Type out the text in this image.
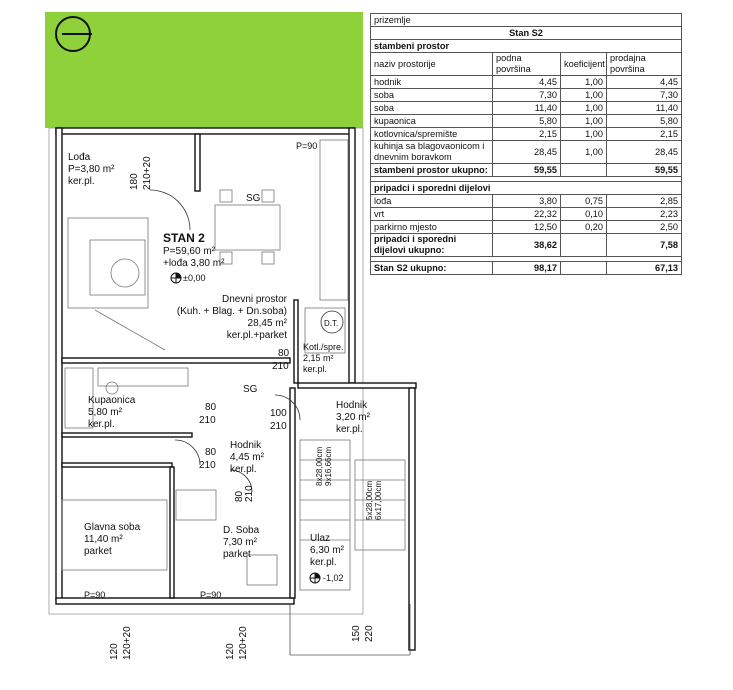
Lođa
P=3,80 m²
ker.pl.
P=90
SG
STAN 2
P=59,60 m²
+lođa 3,80 m²
±0,00
Dnevni prostor
(Kuh. + Blag. + Dn.soba)
28,45 m²
ker.pl.+parket
D.T.
Kotl./spre.
2,15 m²
ker.pl.
80
210
SG
Kupaonica
5,80 m²
ker.pl.
80
210
100
210
Hodnik
3,20 m²
ker.pl.
Hodnik
4,45 m²
ker.pl.
80
210
Glavna soba
11,40 m²
parket
D. Soba
7,30 m²
parket
Ulaz
6,30 m²
ker.pl.
-1,02
P=90	P=90
180 210+20
80 210
8x28,00cm 9x16,66cm
5x28,00cm 6x17,00cm
120 120+20	120 120+20	150 220
prizemlje			
Stan S2			
stambeni prostor			
naziv prostorije	podna površina	koeficijent	prodajna površina
hodnik	4,45	1,00	4,45
soba	7,30	1,00	7,30
soba	11,40	1,00	11,40
kupaonica	5,80	1,00	5,80
kotlovnica/spremište	2,15	1,00	2,15
kuhinja sa blagovaonicom i dnevnim boravkom	28,45	1,00	28,45
stambeni prostor ukupno:	59,55		59,55

pripadci i sporedni dijelovi			
lođa	3,80	0,75	2,85
vrt	22,32	0,10	2,23
parkirno mjesto	12,50	0,20	2,50
pripadci i sporedni dijelovi ukupno:	38,62		7,58

Stan S2 ukupno:	98,17		67,13
